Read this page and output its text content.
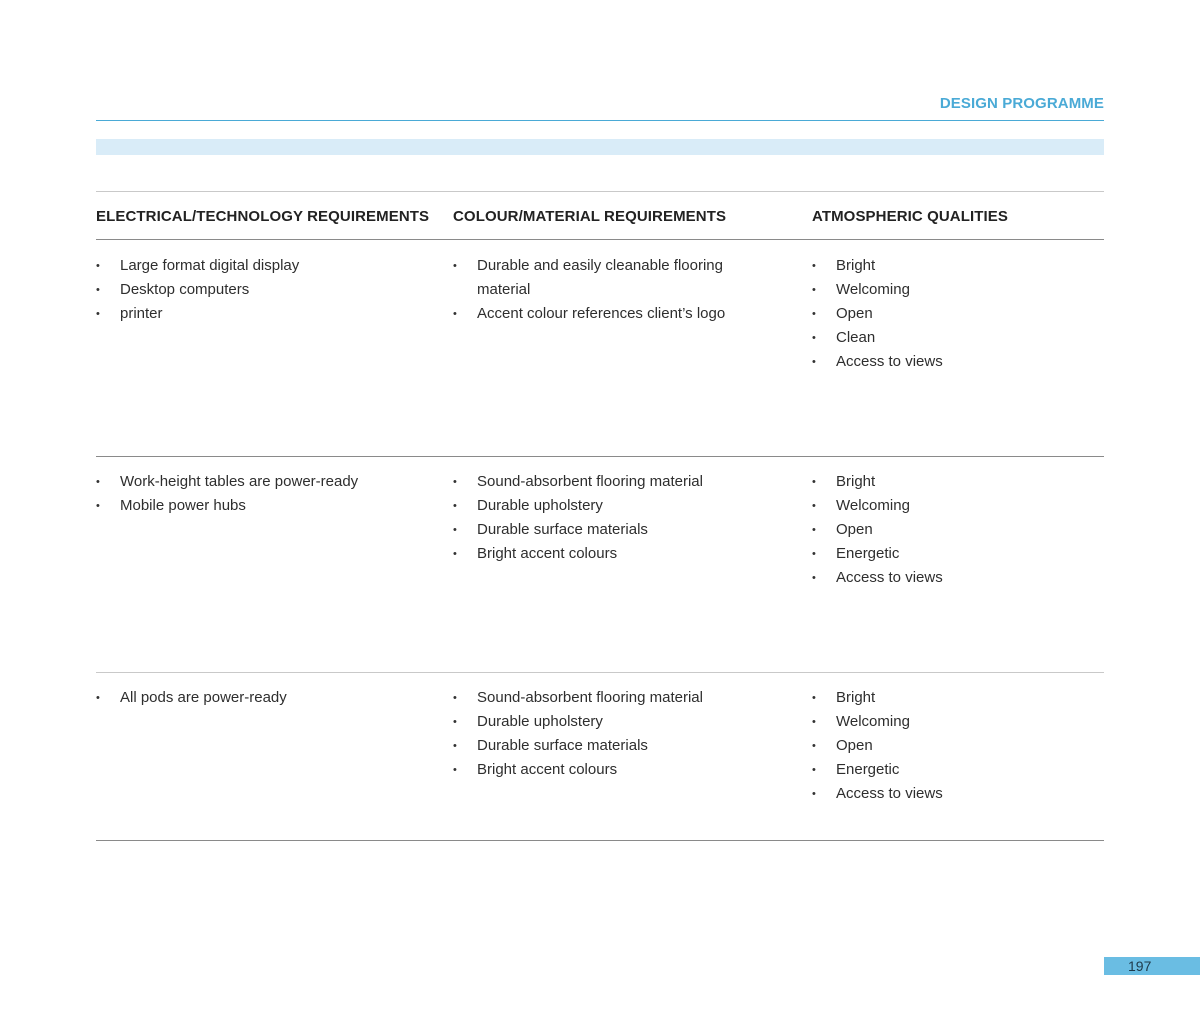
DESIGN PROGRAMME
ELECTRICAL/TECHNOLOGY REQUIREMENTS COLOUR/MATERIAL REQUIREMENTS	ATMOSPHERIC QUALITIES
• Large format digital display
• Desktop computers
• printer
• Durable and easily cleanable flooring material
• Accent colour references client’s logo
• Bright
• Welcoming
• Open
• Clean
• Access to views
• Work-height tables are power-ready
• Mobile power hubs
• Sound-absorbent flooring material
• Durable upholstery
• Durable surface materials
• Bright accent colours
• Bright
• Welcoming
• Open
• Energetic
• Access to views
• All pods are power-ready
•	Sound-absorbent flooring material
• Durable upholstery
• Durable surface materials
• Bright accent colours
• Bright
• Welcoming
• Open
• Energetic
• Access to views
197
